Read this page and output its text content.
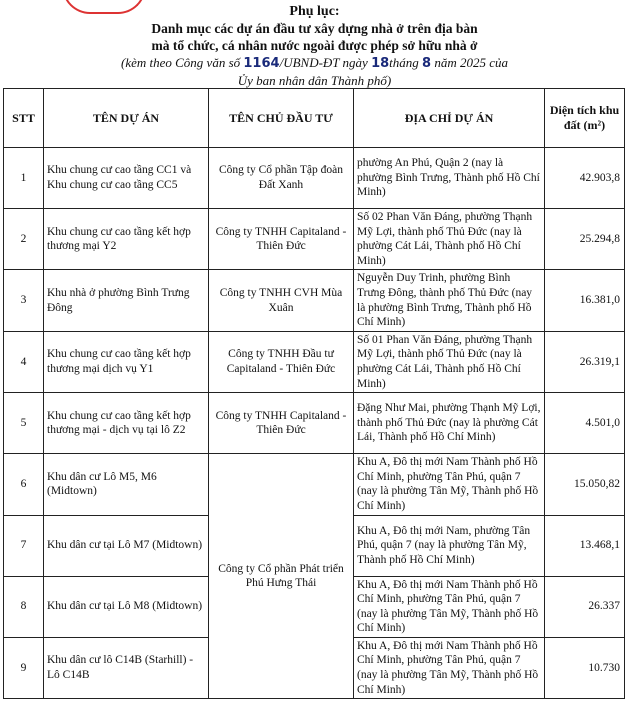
Phụ lục:
Danh mục các dự án đầu tư xây dựng nhà ở trên địa bàn
mà tổ chức, cá nhân nước ngoài được phép sở hữu nhà ở
(kèm theo Công văn số 1164/UBND-ĐT ngày 18tháng 8 năm 2025 của
Ủy ban nhân dân Thành phố)
STT	TÊN DỰ ÁN	TÊN CHỦ ĐẦU TƯ	ĐỊA CHỈ DỰ ÁN	Diện tích khu đất (m²)
1	Khu chung cư cao tầng CC1 và Khu chung cư cao tầng CC5	Công ty Cổ phần Tập đoàn Đất Xanh	phường An Phú, Quận 2 (nay là phường Bình Trưng, Thành phố Hồ Chí Minh)	42.903,8
2	Khu chung cư cao tầng kết hợp thương mại Y2	Công ty TNHH Capitaland - Thiên Đức	Số 02 Phan Văn Đáng, phường Thạnh Mỹ Lợi, thành phố Thủ Đức (nay là phường Cát Lái, Thành phố Hồ Chí Minh)	25.294,8
3	Khu nhà ở phường Bình Trưng Đông	Công ty TNHH CVH Mùa Xuân	Nguyễn Duy Trinh, phường Bình Trưng Đông, thành phố Thủ Đức (nay là phường Bình Trưng, Thành phố Hồ Chí Minh)	16.381,0
4	Khu chung cư cao tầng kết hợp thương mại dịch vụ Y1	Công ty TNHH Đầu tư Capitaland - Thiên Đức	Số 01 Phan Văn Đáng, phường Thạnh Mỹ Lợi, thành phố Thủ Đức (nay là phường Cát Lái, Thành phố Hồ Chí Minh)	26.319,1
5	Khu chung cư cao tầng kết hợp thương mại - dịch vụ tại lô Z2	Công ty TNHH Capitaland - Thiên Đức	Đặng Như Mai, phường Thạnh Mỹ Lợi, thành phố Thủ Đức (nay là phường Cát Lái, Thành phố Hồ Chí Minh)	4.501,0
6	Khu dân cư Lô M5, M6 (Midtown)	Công ty Cổ phần Phát triển Phú Hưng Thái	Khu A, Đô thị mới Nam Thành phố Hồ Chí Minh, phường Tân Phú, quận 7 (nay là phường Tân Mỹ, Thành phố Hồ Chí Minh)	15.050,82
7	Khu dân cư tại Lô M7 (Midtown)		Khu A, Đô thị mới Nam, phường Tân Phú, quận 7 (nay là phường Tân Mỹ, Thành phố Hồ Chí Minh)	13.468,1
8	Khu dân cư tại Lô M8 (Midtown)		Khu A, Đô thị mới Nam Thành phố Hồ Chí Minh, phường Tân Phú, quận 7 (nay là phường Tân Mỹ, Thành phố Hồ Chí Minh)	26.337
9	Khu dân cư lô C14B (Starhill) - Lô C14B		Khu A, Đô thị mới Nam Thành phố Hồ Chí Minh, phường Tân Phú, quận 7 (nay là phường Tân Mỹ, Thành phố Hồ Chí Minh)	10.730
